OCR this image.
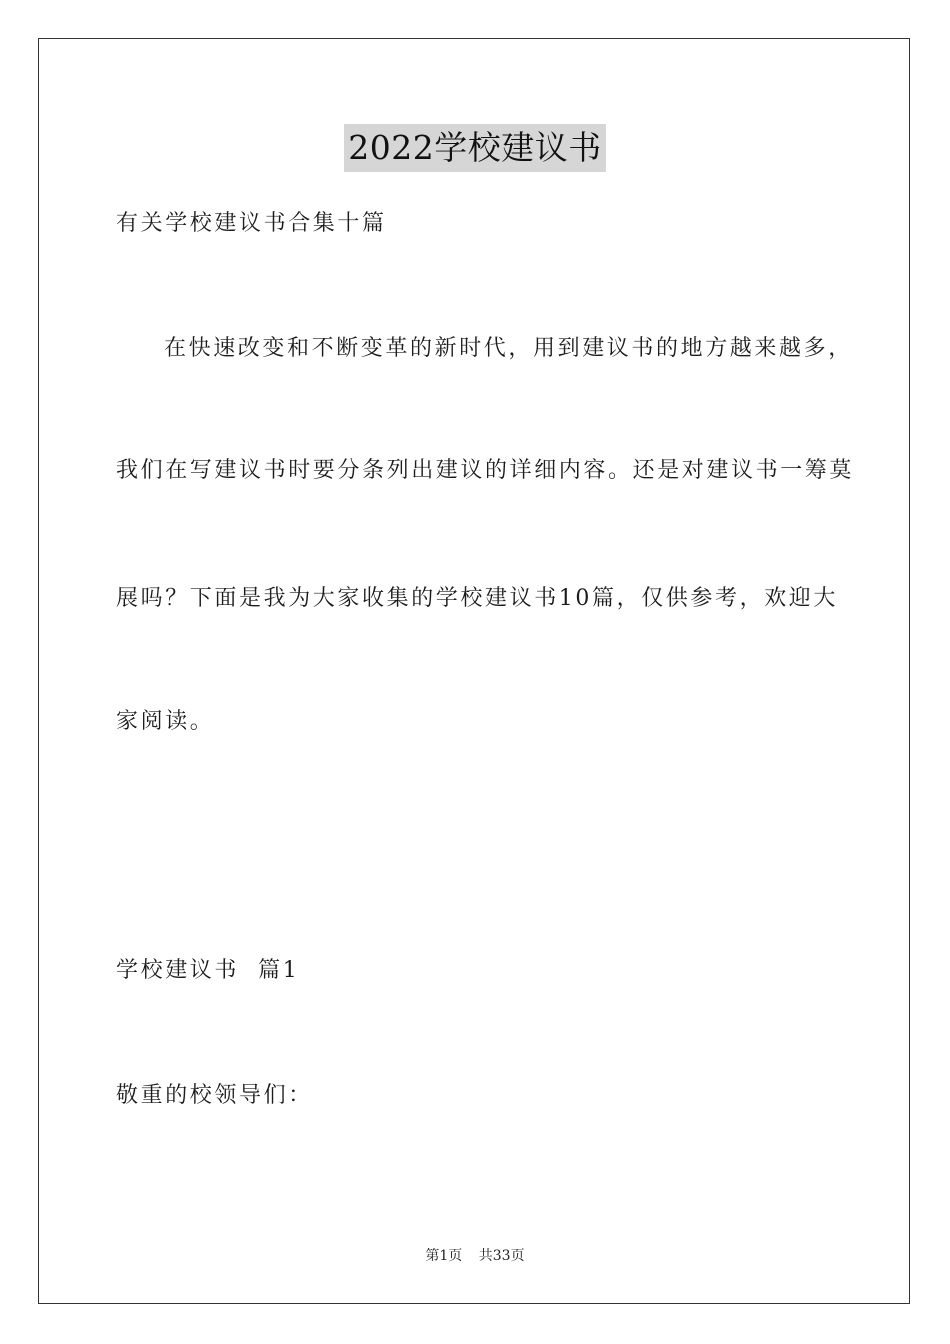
2022学校建议书
有关学校建议书合集十篇
在快速改变和不断变革的新时代，用到建议书的地方越来越多，
我们在写建议书时要分条列出建议的详细内容。还是对建议书一筹莫
展吗？下面是我为大家收集的学校建议书10篇，仅供参考，欢迎大
家阅读。
学校建议书  篇1
敬重的校领导们：
第1页 共33页
